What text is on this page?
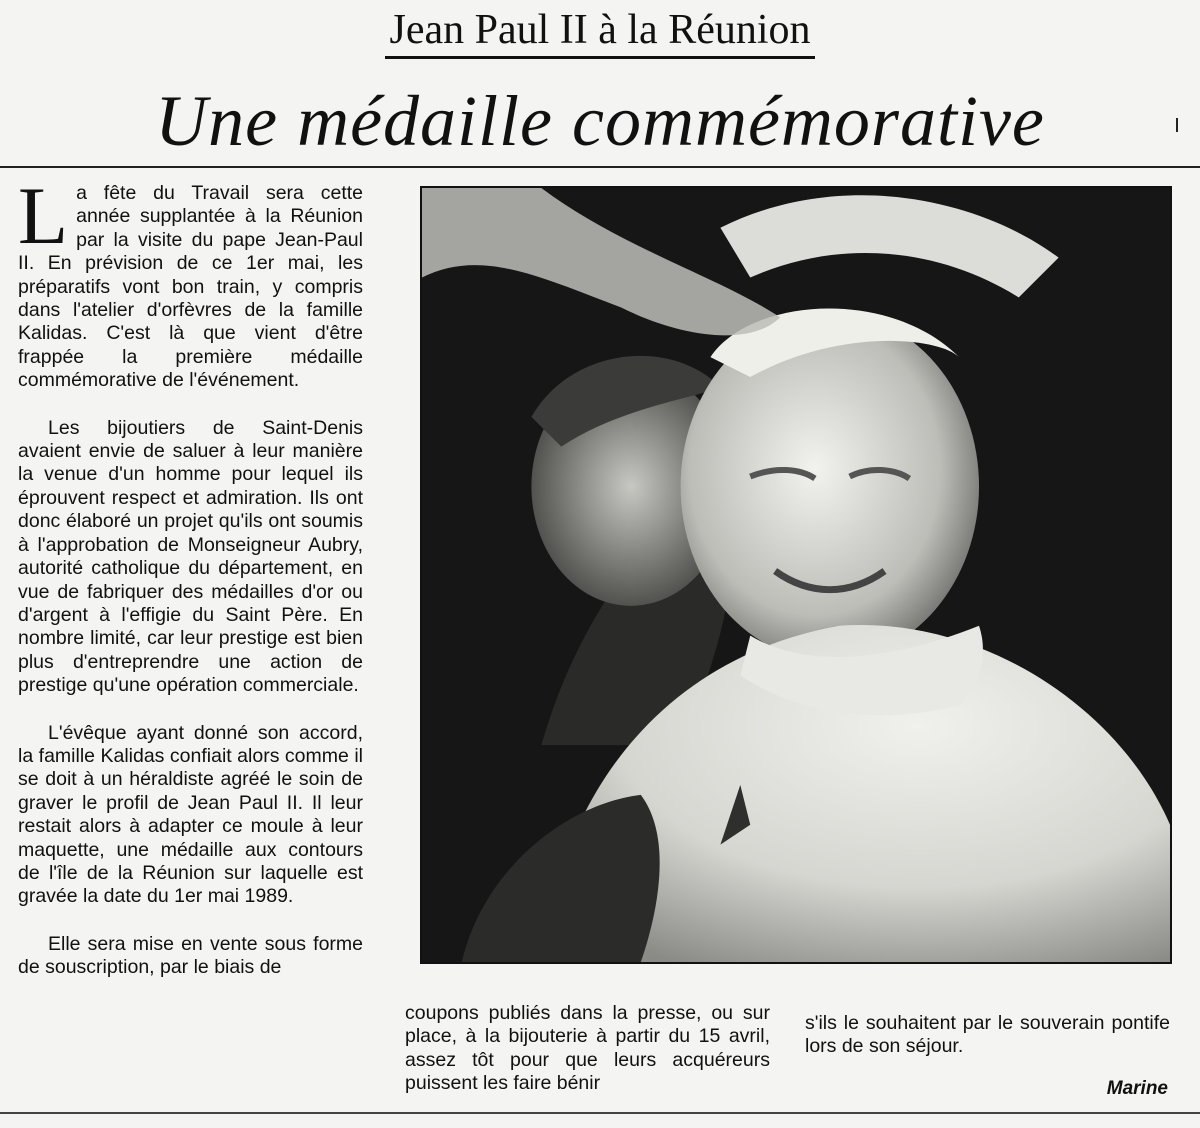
Jean Paul II à la Réunion
Une médaille commémorative

La fête du Travail sera cette année supplantée à la Réunion par la visite du pape Jean-Paul II. En prévision de ce 1er mai, les préparatifs vont bon train, y compris dans l'atelier d'orfèvres de la famille Kalidas. C'est là que vient d'être frappée la première médaille commémorative de l'événement.

Les bijoutiers de Saint-Denis avaient envie de saluer à leur manière la venue d'un homme pour lequel ils éprouvent respect et admiration. Ils ont donc élaboré un projet qu'ils ont soumis à l'approbation de Monseigneur Aubry, autorité catholique du département, en vue de fabriquer des médailles d'or ou d'argent à l'effigie du Saint Père. En nombre limité, car leur prestige est bien plus d'entreprendre une action de prestige qu'une opération commerciale.

L'évêque ayant donné son accord, la famille Kalidas confiait alors comme il se doit à un héraldiste agréé le soin de graver le profil de Jean Paul II. Il leur restait alors à adapter ce moule à leur maquette, une médaille aux contours de l'île de la Réunion sur laquelle est gravée la date du 1er mai 1989.

Elle sera mise en vente sous forme de souscription, par le biais de

coupons publiés dans la presse, ou sur place, à la bijouterie à partir du 15 avril, assez tôt pour que leurs acquéreurs puissent les faire bénir
s'ils le souhaitent par le souverain pontife lors de son séjour.
Marine
